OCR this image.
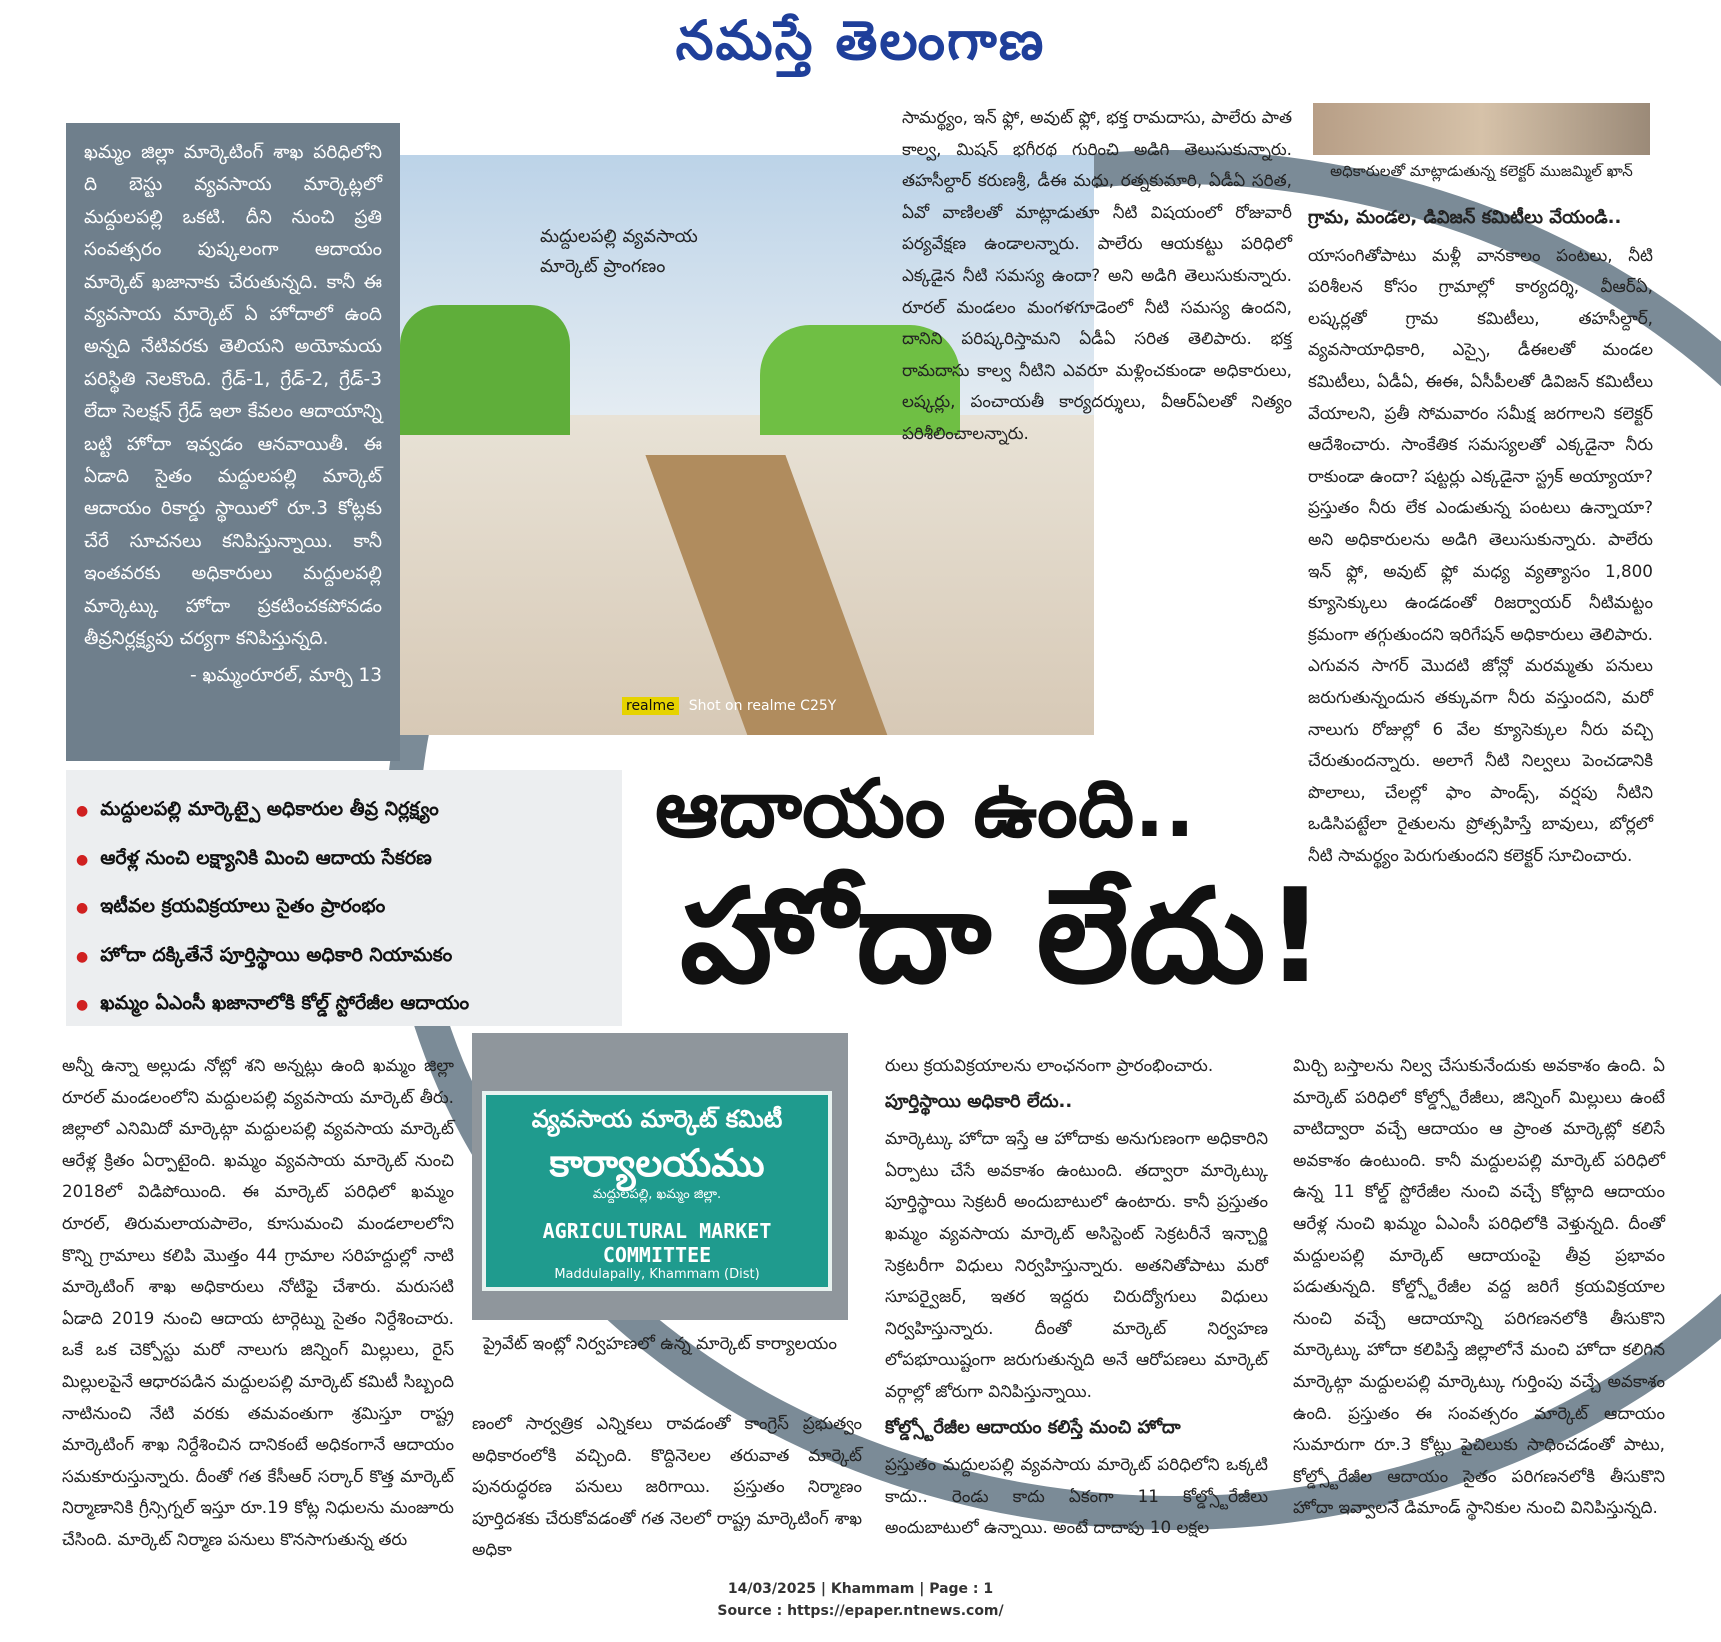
నమస్తే తెలంగాణ
మద్దులపల్లి వ్యవసాయ మార్కెట్ ప్రాంగణం
realme Shot on realme C25Y
ఖమ్మం జిల్లా మార్కెటింగ్ శాఖ పరిధిలోని ది బెస్టు వ్యవసాయ మార్కెట్లలో మద్దులపల్లి ఒకటి. దీని నుంచి ప్రతి సంవత్సరం పుష్కలంగా ఆదాయం మార్కెట్ ఖజానాకు చేరుతున్నది. కానీ ఈ వ్యవసాయ మార్కెట్ ఏ హోదాలో ఉంది అన్నది నేటివరకు తెలియని అయోమయ పరిస్థితి నెలకొంది. గ్రేడ్-1, గ్రేడ్-2, గ్రేడ్-3 లేదా సెలక్షన్ గ్రేడ్ ఇలా కేవలం ఆదాయాన్ని బట్టి హోదా ఇవ్వడం ఆనవాయితీ. ఈ ఏడాది సైతం మద్దులపల్లి మార్కెట్ ఆదాయం రికార్డు స్థాయిలో రూ.3 కోట్లకు చేరే సూచనలు కనిపిస్తున్నాయి. కానీ ఇంతవరకు అధికారులు మద్దులపల్లి మార్కెట్కు హోదా ప్రకటించకపోవడం తీవ్రనిర్లక్ష్యపు చర్యగా కనిపిస్తున్నది.
- ఖమ్మంరూరల్, మార్చి 13
సామర్థ్యం, ఇన్ ఫ్లో, అవుట్ ఫ్లో, భక్త రామదాసు, పాలేరు పాత కాల్వ, మిషన్ భగీరథ గురించి అడిగి తెలుసుకున్నారు. తహసీల్దార్ కరుణశ్రీ, డీఈ మధు, రత్నకుమారి, ఏడీఏ సరిత, ఏవో వాణిలతో మాట్లాడుతూ నీటి విషయంలో రోజువారీ పర్యవేక్షణ ఉండాలన్నారు. పాలేరు ఆయకట్టు పరిధిలో ఎక్కడైన నీటి సమస్య ఉందా? అని అడిగి తెలుసుకున్నారు. రూరల్ మండలం మంగళగూడెంలో నీటి సమస్య ఉందని, దానిని పరిష్కరిస్తామని ఏడీఏ సరిత తెలిపారు. భక్త రామదాసు కాల్వ నీటిని ఎవరూ మళ్లించకుండా అధికారులు, లష్కర్లు, పంచాయతీ కార్యదర్శులు, వీఆర్ఏలతో నిత్యం పరిశీలించాలన్నారు.
అధికారులతో మాట్లాడుతున్న కలెక్టర్ ముజమ్మిల్ ఖాన్
గ్రామ, మండల, డివిజన్ కమిటీలు వేయండి..

యాసంగితోపాటు మళ్లీ వానకాలం పంటలు, నీటి పరిశీలన కోసం గ్రామాల్లో కార్యదర్శి, వీఆర్ఏ, లష్కర్లతో గ్రామ కమిటీలు, తహసీల్దార్, వ్యవసాయాధికారి, ఎస్సై, డీఈలతో మండల కమిటీలు, ఏడీఏ, ఈఈ, ఏసీపీలతో డివిజన్ కమిటీలు వేయాలని, ప్రతీ సోమవారం సమీక్ష జరగాలని కలెక్టర్ ఆదేశించారు. సాంకేతిక సమస్యలతో ఎక్కడైనా నీరు రాకుండా ఉందా? షట్టర్లు ఎక్కడైనా స్ట్రక్ అయ్యాయా? ప్రస్తుతం నీరు లేక ఎండుతున్న పంటలు ఉన్నాయా? అని అధికారులను అడిగి తెలుసుకున్నారు. పాలేరు ఇన్ ఫ్లో, అవుట్ ఫ్లో మధ్య వ్యత్యాసం 1,800 క్యూసెక్కులు ఉండడంతో రిజర్వాయర్ నీటిమట్టం క్రమంగా తగ్గుతుందని ఇరిగేషన్ అధికారులు తెలిపారు. ఎగువన సాగర్ మొదటి జోన్లో మరమ్మతు పనులు జరుగుతున్నందున తక్కువగా నీరు వస్తుందని, మరో నాలుగు రోజుల్లో 6 వేల క్యూసెక్కుల నీరు వచ్చి చేరుతుందన్నారు. అలాగే నీటి నిల్వలు పెంచడానికి పొలాలు, చేలల్లో ఫాం పాండ్స్, వర్షపు నీటిని ఒడిసిపట్టేలా రైతులను ప్రోత్సహిస్తే బావులు, బోర్లలో నీటి సామర్థ్యం పెరుగుతుందని కలెక్టర్ సూచించారు.

● మద్దులపల్లి మార్కెట్పై అధికారుల తీవ్ర నిర్లక్ష్యం
● ఆరేళ్ల నుంచి లక్ష్యానికి మించి ఆదాయ సేకరణ
● ఇటీవల క్రయవిక్రయాలు సైతం ప్రారంభం
● హోదా దక్కితేనే పూర్తిస్థాయి అధికారి నియామకం
● ఖమ్మం ఏఎంసీ ఖజానాలోకి కోల్డ్ స్టోరేజీల ఆదాయం
ఆదాయం ఉంది..
హోదా లేదు!
అన్నీ ఉన్నా అల్లుడు నోట్లో శని అన్నట్లు ఉంది ఖమ్మం జిల్లా రూరల్ మండలంలోని మద్దులపల్లి వ్యవసాయ మార్కెట్ తీరు. జిల్లాలో ఎనిమిదో మార్కెట్గా మద్దులపల్లి వ్యవసాయ మార్కెట్ ఆరేళ్ల క్రితం ఏర్పాటైంది. ఖమ్మం వ్యవసాయ మార్కెట్ నుంచి 2018లో విడిపోయింది. ఈ మార్కెట్ పరిధిలో ఖమ్మం రూరల్, తిరుమలాయపాలెం, కూసుమంచి మండలాలలోని కొన్ని గ్రామాలు కలిపి మొత్తం 44 గ్రామాల సరిహద్దుల్లో నాటి మార్కెటింగ్ శాఖ అధికారులు నోటిఫై చేశారు. మరుసటి ఏడాది 2019 నుంచి ఆదాయ టార్గెట్ను సైతం నిర్దేశించారు. ఒకే ఒక చెక్పోస్టు మరో నాలుగు జిన్నింగ్ మిల్లులు, రైస్ మిల్లులపైనే ఆధారపడిన మద్దులపల్లి మార్కెట్ కమిటీ సిబ్బంది నాటినుంచి నేటి వరకు తమవంతుగా శ్రమిస్తూ రాష్ట్ర మార్కెటింగ్ శాఖ నిర్దేశించిన దానికంటే అధికంగానే ఆదాయం సమకూరుస్తున్నారు. దీంతో గత కేసీఆర్ సర్కార్ కొత్త మార్కెట్ నిర్మాణానికి గ్రీన్సిగ్నల్ ఇస్తూ రూ.19 కోట్ల నిధులను మంజూరు చేసింది. మార్కెట్ నిర్మాణ పనులు కొనసాగుతున్న తరు
వ్యవసాయ మార్కెట్ కమిటీ
కార్యాలయము
మద్దులపల్లి, ఖమ్మం జిల్లా.
AGRICULTURAL MARKET COMMITTEE
Maddulapally, Khammam (Dist)
ప్రైవేట్ ఇంట్లో నిర్వహణలో ఉన్న మార్కెట్ కార్యాలయం
ణంలో సార్వత్రిక ఎన్నికలు రావడంతో కాంగ్రెస్ ప్రభుత్వం అధికారంలోకి వచ్చింది. కొద్దినెలల తరువాత మార్కెట్ పునరుద్ధరణ పనులు జరిగాయి. ప్రస్తుతం నిర్మాణం పూర్తిదశకు చేరుకోవడంతో గత నెలలో రాష్ట్ర మార్కెటింగ్ శాఖ అధికా

రులు క్రయవిక్రయాలను లాంఛనంగా ప్రారంభించారు.

పూర్తిస్థాయి అధికారి లేదు..

మార్కెట్కు హోదా ఇస్తే ఆ హోదాకు అనుగుణంగా అధికారిని ఏర్పాటు చేసే అవకాశం ఉంటుంది. తద్వారా మార్కెట్కు పూర్తిస్థాయి సెక్రటరీ అందుబాటులో ఉంటారు. కానీ ప్రస్తుతం ఖమ్మం వ్యవసాయ మార్కెట్ అసిస్టెంట్ సెక్రటరీనే ఇన్చార్జి సెక్రటరీగా విధులు నిర్వహిస్తున్నారు. అతనితోపాటు మరో సూపర్వైజర్, ఇతర ఇద్దరు చిరుద్యోగులు విధులు నిర్వహిస్తున్నారు. దీంతో మార్కెట్ నిర్వహణ లోపభూయిష్టంగా జరుగుతున్నది అనే ఆరోపణలు మార్కెట్ వర్గాల్లో జోరుగా వినిపిస్తున్నాయి.

కోల్డ్స్టోరేజీల ఆదాయం కలిస్తే మంచి హోదా

ప్రస్తుతం మద్దులపల్లి వ్యవసాయ మార్కెట్ పరిధిలోని ఒక్కటి కాదు.. రెండు కాదు ఏకంగా 11 కోల్డ్స్టోరేజీలు అందుబాటులో ఉన్నాయి. అంటే దాదాపు 10 లక్షల

మిర్చి బస్తాలను నిల్వ చేసుకునేందుకు అవకాశం ఉంది. ఏ మార్కెట్ పరిధిలో కోల్డ్స్టోరేజీలు, జిన్నింగ్ మిల్లులు ఉంటే వాటిద్వారా వచ్చే ఆదాయం ఆ ప్రాంత మార్కెట్లో కలిసే అవకాశం ఉంటుంది. కానీ మద్దులపల్లి మార్కెట్ పరిధిలో ఉన్న 11 కోల్డ్ స్టోరేజీల నుంచి వచ్చే కోట్లాది ఆదాయం ఆరేళ్ల నుంచి ఖమ్మం ఏఎంసీ పరిధిలోకి వెళ్తున్నది. దీంతో మద్దులపల్లి మార్కెట్ ఆదాయంపై తీవ్ర ప్రభావం పడుతున్నది. కోల్డ్స్టోరేజీల వద్ద జరిగే క్రయవిక్రయాల నుంచి వచ్చే ఆదాయాన్ని పరిగణనలోకి తీసుకొని మార్కెట్కు హోదా కలిపిస్తే జిల్లాలోనే మంచి హోదా కలిగిన మార్కెట్గా మద్దులపల్లి మార్కెట్కు గుర్తింపు వచ్చే అవకాశం ఉంది. ప్రస్తుతం ఈ సంవత్సరం మార్కెట్ ఆదాయం సుమారుగా రూ.3 కోట్లు పైచిలుకు సాధించడంతో పాటు, కోల్డ్స్టోరేజీల ఆదాయం సైతం పరిగణనలోకి తీసుకొని హోదా ఇవ్వాలనే డిమాండ్ స్థానికుల నుంచి వినిపిస్తున్నది.
14/03/2025 | Khammam | Page : 1
Source : https://epaper.ntnews.com/
